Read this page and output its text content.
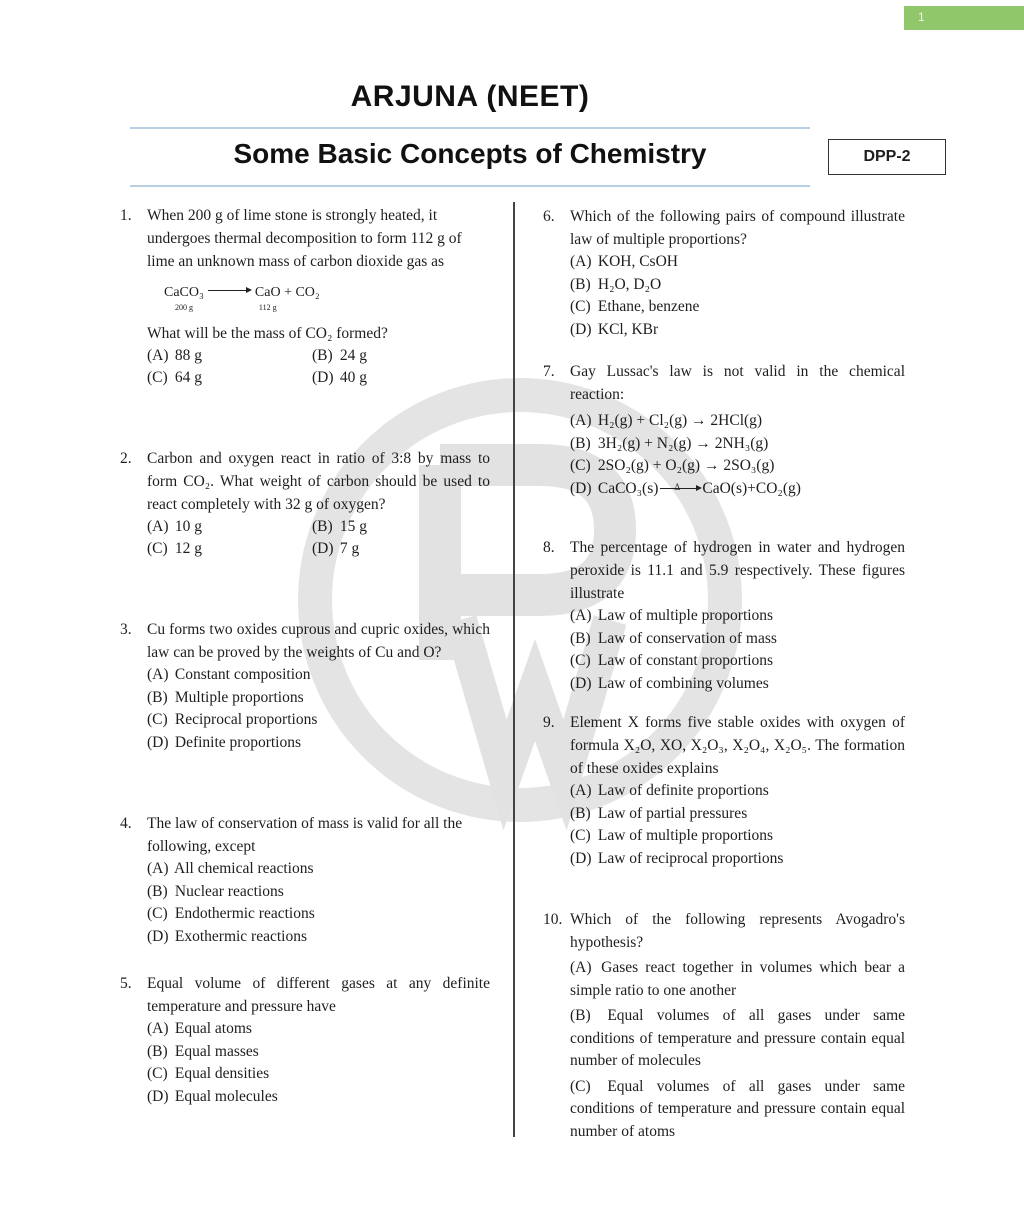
1
ARJUNA (NEET)
Some Basic Concepts of Chemistry	DPP-2
1. When 200 g of lime stone is strongly heated, it undergoes thermal decomposition to form 112 g of lime an unknown mass of carbon dioxide gas as
CaCO₃

200 g
→ CaO

112 g
+ CO₂
What will be the mass of CO₂ formed?
(A) 88 g	(B) 24 g
(C) 64 g	(D) 40 g
2. Carbon and oxygen react in ratio of 3:8 by mass to form CO₂. What weight of carbon should be used to react completely with 32 g of oxygen?
(A) 10 g	(B) 15 g
(C) 12 g	(D) 7 g
3. Cu forms two oxides cuprous and cupric oxides, which law can be proved by the weights of Cu and O?
(A) Constant composition
(B) Multiple proportions
(C) Reciprocal proportions
(D) Definite proportions
4. The law of conservation of mass is valid for all the following, except
(A) All chemical reactions
(B) Nuclear reactions
(C) Endothermic reactions
(D) Exothermic reactions
5. Equal volume of different gases at any definite temperature and pressure have
(A) Equal atoms
(B) Equal masses
(C) Equal densities
(D) Equal molecules
6. Which of the following pairs of compound illustrate law of multiple proportions?
(A) KOH, CsOH
(B) H₂O, D₂O
(C) Ethane, benzene
(D) KCl, KBr
7. Gay Lussac's law is not valid in the chemical reaction:
(A) H₂(g) + Cl₂(g) → 2HCl(g)
(B) 3H₂(g) + N₂(g) → 2NH₃(g)
(C) 2SO₂(g) + O₂(g) → 2SO₃(g)
(D) CaCO₃(s) Δ CaO(s)+CO₂(g)
8. The percentage of hydrogen in water and hydrogen peroxide is 11.1 and 5.9 respectively. These figures illustrate
(A) Law of multiple proportions
(B) Law of conservation of mass
(C) Law of constant proportions
(D) Law of combining volumes
9. Element X forms five stable oxides with oxygen of formula X₂O, XO, X₂O₃, X₂O₄, X₂O₅. The formation of these oxides explains
(A) Law of definite proportions
(B) Law of partial pressures
(C) Law of multiple proportions
(D) Law of reciprocal proportions
10. Which of the following represents Avogadro's hypothesis?
(A) Gases react together in volumes which bear a simple ratio to one another
(B) Equal volumes of all gases under same conditions of temperature and pressure contain equal number of molecules
(C) Equal volumes of all gases under same conditions of temperature and pressure contain equal number of atoms
